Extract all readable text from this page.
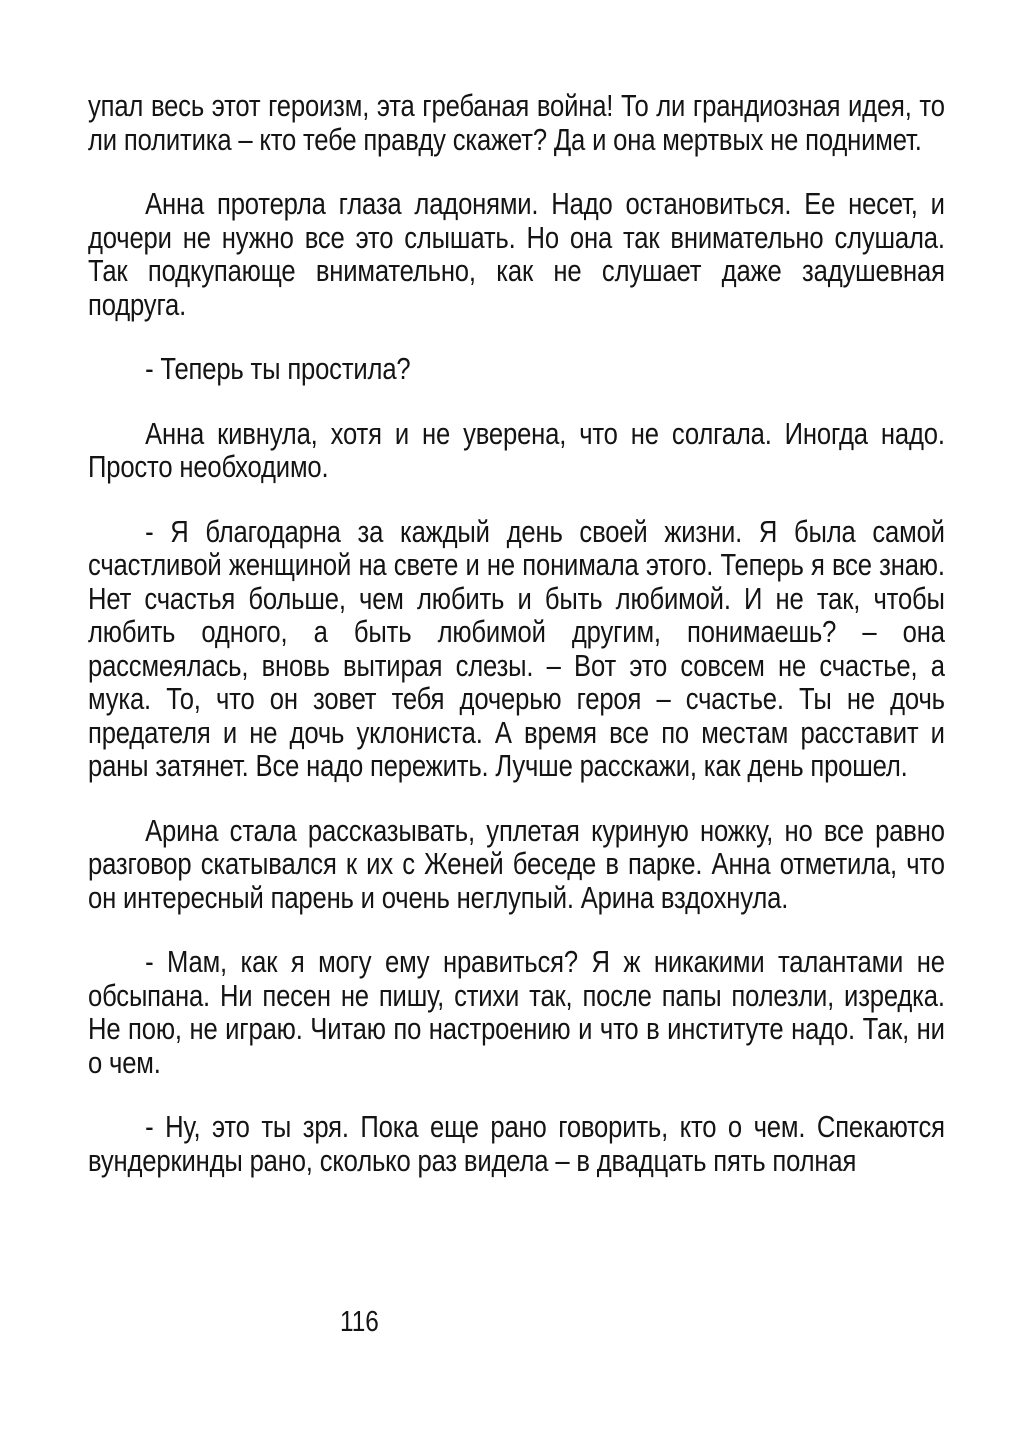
упал весь этот героизм, эта гребаная война! То ли грандиозная идея, то ли политика – кто тебе правду скажет? Да и она мертвых не поднимет.

Анна протерла глаза ладонями. Надо остановиться. Ее несет, и дочери не нужно все это слышать. Но она так внимательно слушала. Так подкупающе внимательно, как не слушает даже задушевная подруга.

- Теперь ты простила?

Анна кивнула, хотя и не уверена, что не солгала. Иногда надо. Просто необходимо.

- Я благодарна за каждый день своей жизни. Я была самой счастливой женщиной на свете и не понимала этого. Теперь я все знаю. Нет счастья больше, чем любить и быть любимой. И не так, чтобы любить одного, а быть любимой другим, понимаешь? – она рассмеялась, вновь вытирая слезы. – Вот это совсем не счастье, а мука. То, что он зовет тебя дочерью героя – счастье. Ты не дочь предателя и не дочь уклониста. А время все по местам расставит и раны затянет. Все надо пережить. Лучше расскажи, как день прошел.

Арина стала рассказывать, уплетая куриную ножку, но все равно разговор скатывался к их с Женей беседе в парке. Анна отметила, что он интересный парень и очень неглупый. Арина вздохнула.

- Мам, как я могу ему нравиться? Я ж никакими талантами не обсыпана. Ни песен не пишу, стихи так, после папы полезли, изредка. Не пою, не играю. Читаю по настроению и что в институте надо. Так, ни о чем.

- Ну, это ты зря. Пока еще рано говорить, кто о чем. Спекаются вундеркинды рано, сколько раз видела – в двадцать пять полная

116
